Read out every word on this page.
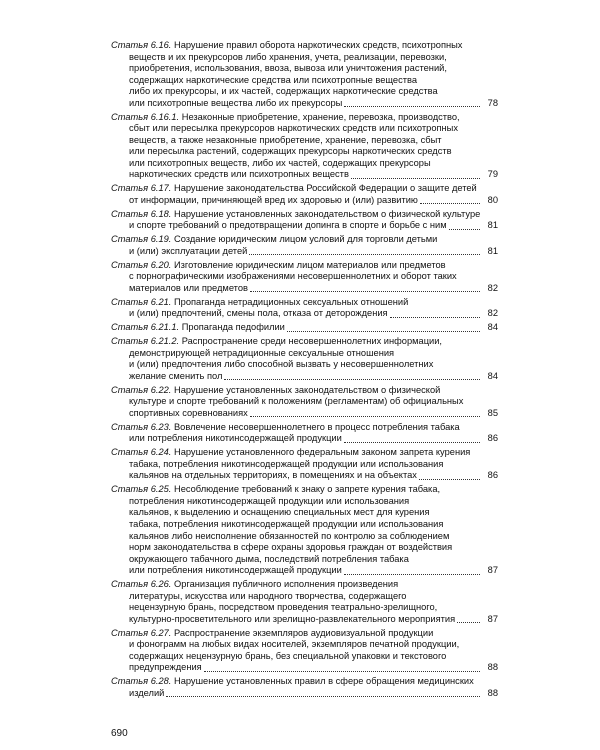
Статья 6.16. Нарушение правил оборота наркотических средств, психотропных
веществ и их прекурсоров либо хранения, учета, реализации, перевозки,
приобретения, использования, ввоза, вывоза или уничтожения растений,
содержащих наркотические средства или психотропные вещества
либо их прекурсоры, и их частей, содержащих наркотические средства
или психотропные вещества либо их прекурсоры	78
Статья 6.16.1. Незаконные приобретение, хранение, перевозка, производство,
сбыт или пересылка прекурсоров наркотических средств или психотропных
веществ, а также незаконные приобретение, хранение, перевозка, сбыт
или пересылка растений, содержащих прекурсоры наркотических средств
или психотропных веществ, либо их частей, содержащих прекурсоры
наркотических средств или психотропных веществ	79
Статья 6.17. Нарушение законодательства Российской Федерации о защите детей
от информации, причиняющей вред их здоровью и (или) развитию	80
Статья 6.18. Нарушение установленных законодательством о физической культуре
и спорте требований о предотвращении допинга в спорте и борьбе с ним	81
Статья 6.19. Создание юридическим лицом условий для торговли детьми
и (или) эксплуатации детей	81
Статья 6.20. Изготовление юридическим лицом материалов или предметов
с порнографическими изображениями несовершеннолетних и оборот таких
материалов или предметов	82
Статья 6.21. Пропаганда нетрадиционных сексуальных отношений
и (или) предпочтений, смены пола, отказа от деторождения	82
Статья 6.21.1. Пропаганда педофилии	84
Статья 6.21.2. Распространение среди несовершеннолетних информации,
демонстрирующей нетрадиционные сексуальные отношения
и (или) предпочтения либо способной вызвать у несовершеннолетних
желание сменить пол	84
Статья 6.22. Нарушение установленных законодательством о физической
культуре и спорте требований к положениям (регламентам) об официальных
спортивных соревнованиях	85
Статья 6.23. Вовлечение несовершеннолетнего в процесс потребления табака
или потребления никотинсодержащей продукции	86
Статья 6.24. Нарушение установленного федеральным законом запрета курения
табака, потребления никотинсодержащей продукции или использования
кальянов на отдельных территориях, в помещениях и на объектах	86
Статья 6.25. Несоблюдение требований к знаку о запрете курения табака,
потребления никотинсодержащей продукции или использования
кальянов, к выделению и оснащению специальных мест для курения
табака, потребления никотинсодержащей продукции или использования
кальянов либо неисполнение обязанностей по контролю за соблюдением
норм законодательства в сфере охраны здоровья граждан от воздействия
окружающего табачного дыма, последствий потребления табака
или потребления никотинсодержащей продукции	87
Статья 6.26. Организация публичного исполнения произведения
литературы, искусства или народного творчества, содержащего
нецензурную брань, посредством проведения театрально-зрелищного,
культурно-просветительного или зрелищно-развлекательного мероприятия	87
Статья 6.27. Распространение экземпляров аудиовизуальной продукции
и фонограмм на любых видах носителей, экземпляров печатной продукции,
содержащих нецензурную брань, без специальной упаковки и текстового
предупреждения	88
Статья 6.28. Нарушение установленных правил в сфере обращения медицинских
изделий	88
690
